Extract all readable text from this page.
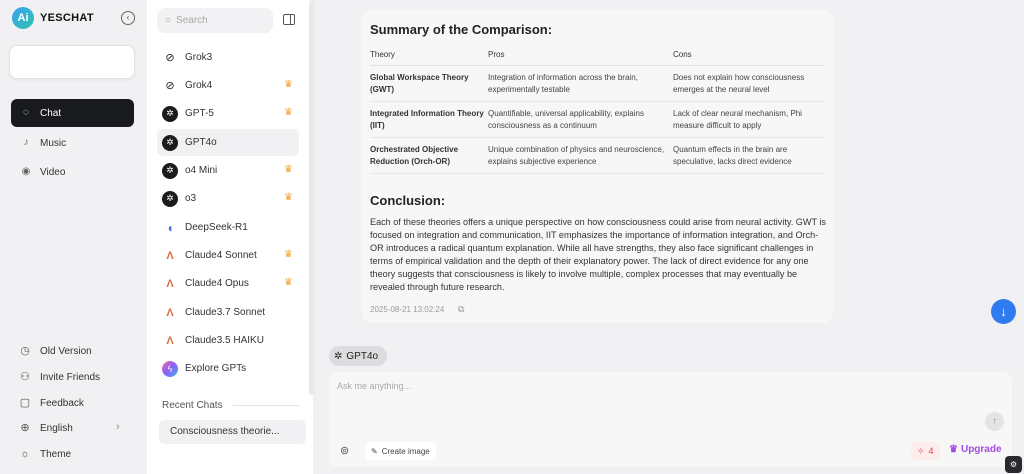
Ai	YESCHAT	‹
◌	Chat
♪	Music
◉ Video
◷ Old Version
⚇ Invite Friends
▢ Feedback
⊕ English	›
☼ Theme
○ Search
⊘	Grok3
⊘	Grok4	♛
✲	GPT-5	♛
✲	GPT4o
✲	o4 Mini	♛
✲	o3	♛
◖	DeepSeek-R1
Λ	Claude4 Sonnet	♛
Λ	Claude4 Opus	♛
Λ	Claude3.7 Sonnet
Λ	Claude3.5 HAIKU
ϟ	Explore GPTs
Recent Chats
Consciousness theorie...
Summary of the Comparison:
Theory	Pros	Cons
Global Workspace Theory (GWT)	Integration of information across the brain, experimentally testable	Does not explain how consciousness emerges at the neural level
Integrated Information Theory (IIT)	Quantifiable, universal applicability, explains consciousness as a continuum	Lack of clear neural mechanism, Phi measure difficult to apply
Orchestrated Objective Reduction (Orch-OR)	Unique combination of physics and neuroscience, explains subjective experience	Quantum effects in the brain are speculative, lacks direct evidence
Conclusion:
Each of these theories offers a unique perspective on how consciousness could arise from neural activity. GWT is focused on integration and communication, IIT emphasizes the importance of information integration, and Orch-OR introduces a radical quantum explanation. While all have strengths, they also face significant challenges in terms of empirical validation and the depth of their explanatory power. The lack of direct evidence for any one theory suggests that consciousness is likely to involve multiple, complex processes that may eventually be revealed through future research.
2025-08-21 13:02:24 ⧉	↓
✲ GPT4o
Ask me anything...
↑
⊚	✎ Create image	✧ 4 ♛ Upgrade
⚙
